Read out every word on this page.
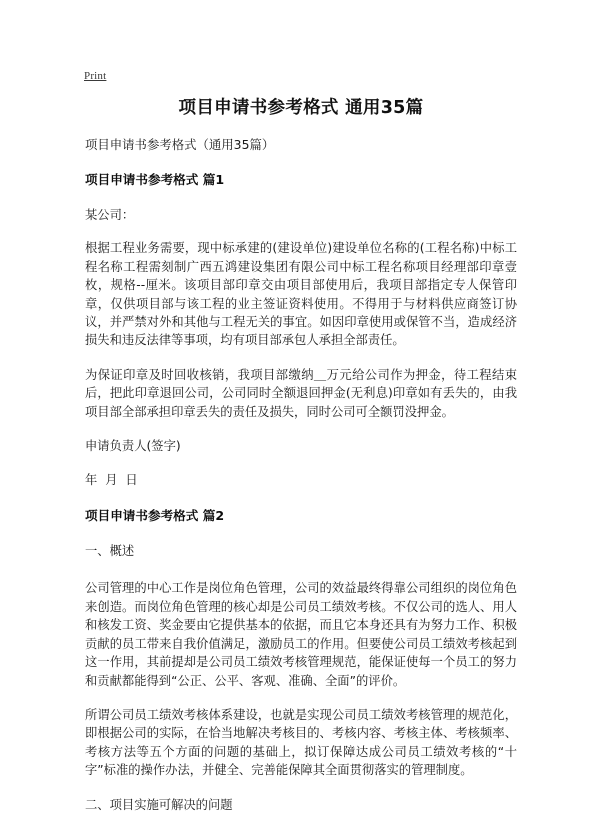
Print
项目申请书参考格式 通用35篇

项目申请书参考格式（通用35篇）

项目申请书参考格式 篇1

某公司：

根据工程业务需要，现中标承建的(建设单位)建设单位名称的(工程名称)中标工程名称工程需刻制广西五鸿建设集团有限公司中标工程名称项目经理部印章壹枚，规格--厘米。该项目部印章交由项目部使用后，我项目部指定专人保管印章，仅供项目部与该工程的业主签证资料使用。不得用于与材料供应商签订协议，并严禁对外和其他与工程无关的事宜。如因印章使用或保管不当，造成经济损失和违反法律等事项，均有项目部承包人承担全部责任。

为保证印章及时回收核销，我项目部缴纳＿万元给公司作为押金，待工程结束后，把此印章退回公司，公司同时全额退回押金(无利息)印章如有丢失的，由我项目部全部承担印章丢失的责任及损失，同时公司可全额罚没押金。

申请负责人(签字)

年 月 日

项目申请书参考格式 篇2

一、概述

公司管理的中心工作是岗位角色管理，公司的效益最终得靠公司组织的岗位角色来创造。而岗位角色管理的核心却是公司员工绩效考核。不仅公司的选人、用人和核发工资、奖金要由它提供基本的依据，而且它本身还具有为努力工作、积极贡献的员工带来自我价值满足，激励员工的作用。但要使公司员工绩效考核起到这一作用，其前提却是公司员工绩效考核管理规范，能保证使每一个员工的努力和贡献都能得到“公正、公平、客观、准确、全面”的评价。

所谓公司员工绩效考核体系建设，也就是实现公司员工绩效考核管理的规范化，即根据公司的实际，在恰当地解决考核目的、考核内容、考核主体、考核频率、考核方法等五个方面的问题的基础上，拟订保障达成公司员工绩效考核的“十字”标准的操作办法，并健全、完善能保障其全面贯彻落实的管理制度。

二、项目实施可解决的问题
